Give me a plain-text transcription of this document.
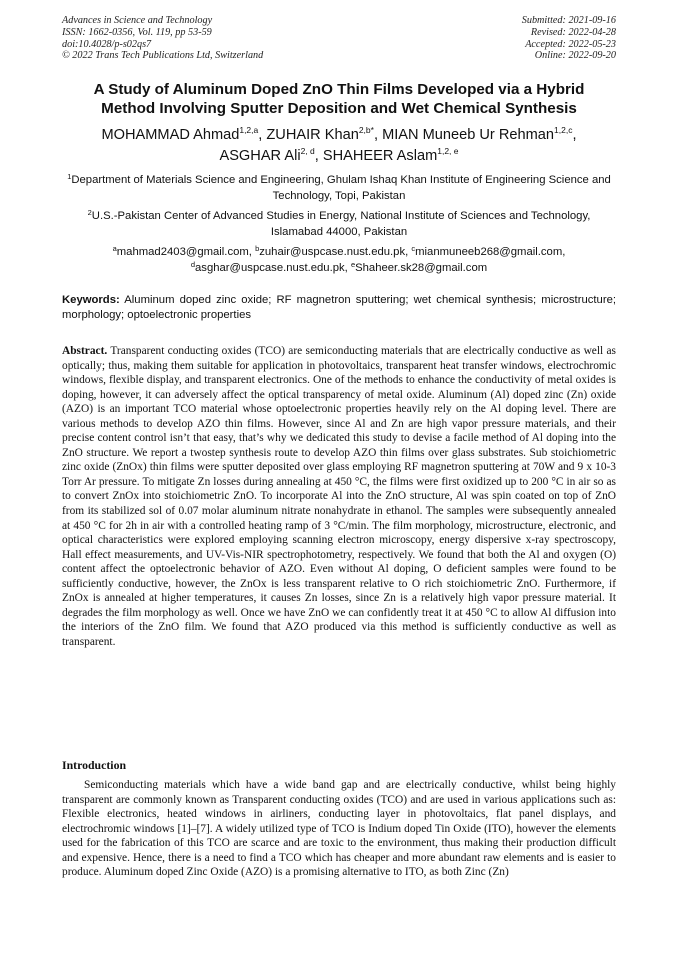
Advances in Science and Technology
ISSN: 1662-0356, Vol. 119, pp 53-59
doi:10.4028/p-s02qs7
© 2022 Trans Tech Publications Ltd, Switzerland
Submitted: 2021-09-16
Revised: 2022-04-28
Accepted: 2022-05-23
Online: 2022-09-20
A Study of Aluminum Doped ZnO Thin Films Developed via a Hybrid
Method Involving Sputter Deposition and Wet Chemical Synthesis
MOHAMMAD Ahmad$^{1,2,a}$, ZUHAIR Khan$^{2,b*}$, MIAN Muneeb Ur Rehman$^{1,2,c}$,
ASGHAR Ali$^{2, d}$, SHAHEER Aslam$^{1,2, e}$
$^1$Department of Materials Science and Engineering, Ghulam Ishaq Khan Institute of Engineering Science and Technology, Topi, Pakistan
$^2$U.S.-Pakistan Center of Advanced Studies in Energy, National Institute of Sciences and Technology, Islamabad 44000, Pakistan
$^a$mahmad2403@gmail.com, $^b$zuhair@uspcase.nust.edu.pk, $^c$mianmuneeb268@gmail.com,
$^d$asghar@uspcase.nust.edu.pk, $^e$Shaheer.sk28@gmail.com
Keywords: Aluminum doped zinc oxide; RF magnetron sputtering; wet chemical synthesis; microstructure; morphology; optoelectronic properties
Abstract. Transparent conducting oxides (TCO) are semiconducting materials that are electrically conductive as well as optically; thus, making them suitable for application in photovoltaics, transparent heat transfer windows, electrochromic windows, flexible display, and transparent electronics. One of the methods to enhance the conductivity of metal oxides is doping, however, it can adversely affect the optical transparency of metal oxide. Aluminum (Al) doped zinc (Zn) oxide (AZO) is an important TCO material whose optoelectronic properties heavily rely on the Al doping level. There are various methods to develop AZO thin films. However, since Al and Zn are high vapor pressure materials, and their precise content control isn’t that easy, that’s why we dedicated this study to devise a facile method of Al doping into the ZnO structure. We report a twostep synthesis route to develop AZO thin films over glass substrates. Sub stoichiometric zinc oxide (ZnOx) thin films were sputter deposited over glass employing RF magnetron sputtering at 70W and 9 x 10-3 Torr Ar pressure. To mitigate Zn losses during annealing at 450 °C, the films were first oxidized up to 200 °C in air so as to convert ZnOx into stoichiometric ZnO. To incorporate Al into the ZnO structure, Al was spin coated on top of ZnO from its stabilized sol of 0.07 molar aluminum nitrate nonahydrate in ethanol. The samples were subsequently annealed at 450 °C for 2h in air with a controlled heating ramp of 3 °C/min. The film morphology, microstructure, electronic, and optical characteristics were explored employing scanning electron microscopy, energy dispersive x-ray spectroscopy, Hall effect measurements, and UV-Vis-NIR spectrophotometry, respectively. We found that both the Al and oxygen (O) content affect the optoelectronic behavior of AZO. Even without Al doping, O deficient samples were found to be sufficiently conductive, however, the ZnOx is less transparent relative to O rich stoichiometric ZnO. Furthermore, if ZnOx is annealed at higher temperatures, it causes Zn losses, since Zn is a relatively high vapor pressure material. It degrades the film morphology as well. Once we have ZnO we can confidently treat it at 450 °C to allow Al diffusion into the interiors of the ZnO film. We found that AZO produced via this method is sufficiently conductive as well as transparent.
Introduction
Semiconducting materials which have a wide band gap and are electrically conductive, whilst being highly transparent are commonly known as Transparent conducting oxides (TCO) and are used in various applications such as: Flexible electronics, heated windows in airliners, conducting layer in photovoltaics, flat panel displays, and electrochromic windows [1]–[7]. A widely utilized type of TCO is Indium doped Tin Oxide (ITO), however the elements used for the fabrication of this TCO are scarce and are toxic to the environment, thus making their production difficult and expensive. Hence, there is a need to find a TCO which has cheaper and more abundant raw elements and is easier to produce. Aluminum doped Zinc Oxide (AZO) is a promising alternative to ITO, as both Zinc (Zn)
